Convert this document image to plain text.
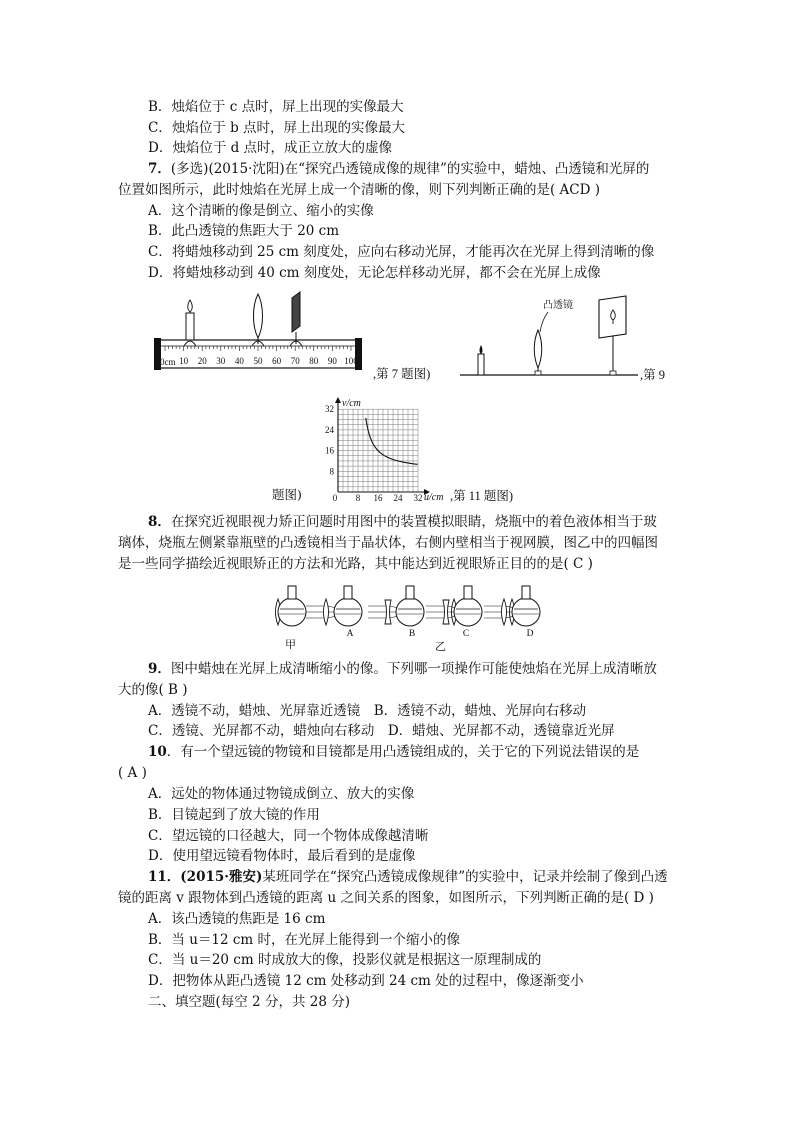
B．烛焰位于 c 点时，屏上出现的实像最大
C．烛焰位于 b 点时，屏上出现的实像最大
D．烛焰位于 d 点时，成正立放大的虚像
7．(多选)(2015·沈阳)在“探究凸透镜成像的规律”的实验中，蜡烛、凸透镜和光屏的
位置如图所示，此时烛焰在光屏上成一个清晰的像，则下列判断正确的是( ACD )
A．这个清晰的像是倒立、缩小的实像
B．此凸透镜的焦距大于 20 cm
C．将蜡烛移动到 25 cm 刻度处，应向右移动光屏，才能再次在光屏上得到清晰的像
D．将蜡烛移动到 40 cm 刻度处，无论怎样移动光屏，都不会在光屏上成像
10 20 30 40 50 60 70 80 90 100
0cm
,第 7 题图)
凸透镜
,第 9
题图)
32
24
16
8
0 8 16 24 32
v/cm
u/cm ,第 11 题图)
8．在探究近视眼视力矫正问题时用图中的装置模拟眼睛，烧瓶中的着色液体相当于玻
璃体，烧瓶左侧紧靠瓶壁的凸透镜相当于晶状体，右侧内壁相当于视网膜，图乙中的四幅图
是一些同学描绘近视眼矫正的方法和光路，其中能达到近视眼矫正目的的是( C )
甲	乙
A	B	C	D
9．图中蜡烛在光屏上成清晰缩小的像。下列哪一项操作可能使烛焰在光屏上成清晰放
大的像( B )
A．透镜不动，蜡烛、光屏靠近透镜　B．透镜不动，蜡烛、光屏向右移动
C．透镜、光屏都不动，蜡烛向右移动　D．蜡烛、光屏都不动，透镜靠近光屏
10．有一个望远镜的物镜和目镜都是用凸透镜组成的，关于它的下列说法错误的是
( A )
A．远处的物体通过物镜成倒立、放大的实像
B．目镜起到了放大镜的作用
C．望远镜的口径越大，同一个物体成像越清晰
D．使用望远镜看物体时，最后看到的是虚像
11．(2015·雅安)某班同学在“探究凸透镜成像规律”的实验中，记录并绘制了像到凸透
镜的距离 v 跟物体到凸透镜的距离 u 之间关系的图象，如图所示，下列判断正确的是( D )
A．该凸透镜的焦距是 16 cm
B．当 u＝12 cm 时，在光屏上能得到一个缩小的像
C．当 u＝20 cm 时成放大的像，投影仪就是根据这一原理制成的
D．把物体从距凸透镜 12 cm 处移动到 24 cm 处的过程中，像逐渐变小
二、填空题(每空 2 分，共 28 分)
